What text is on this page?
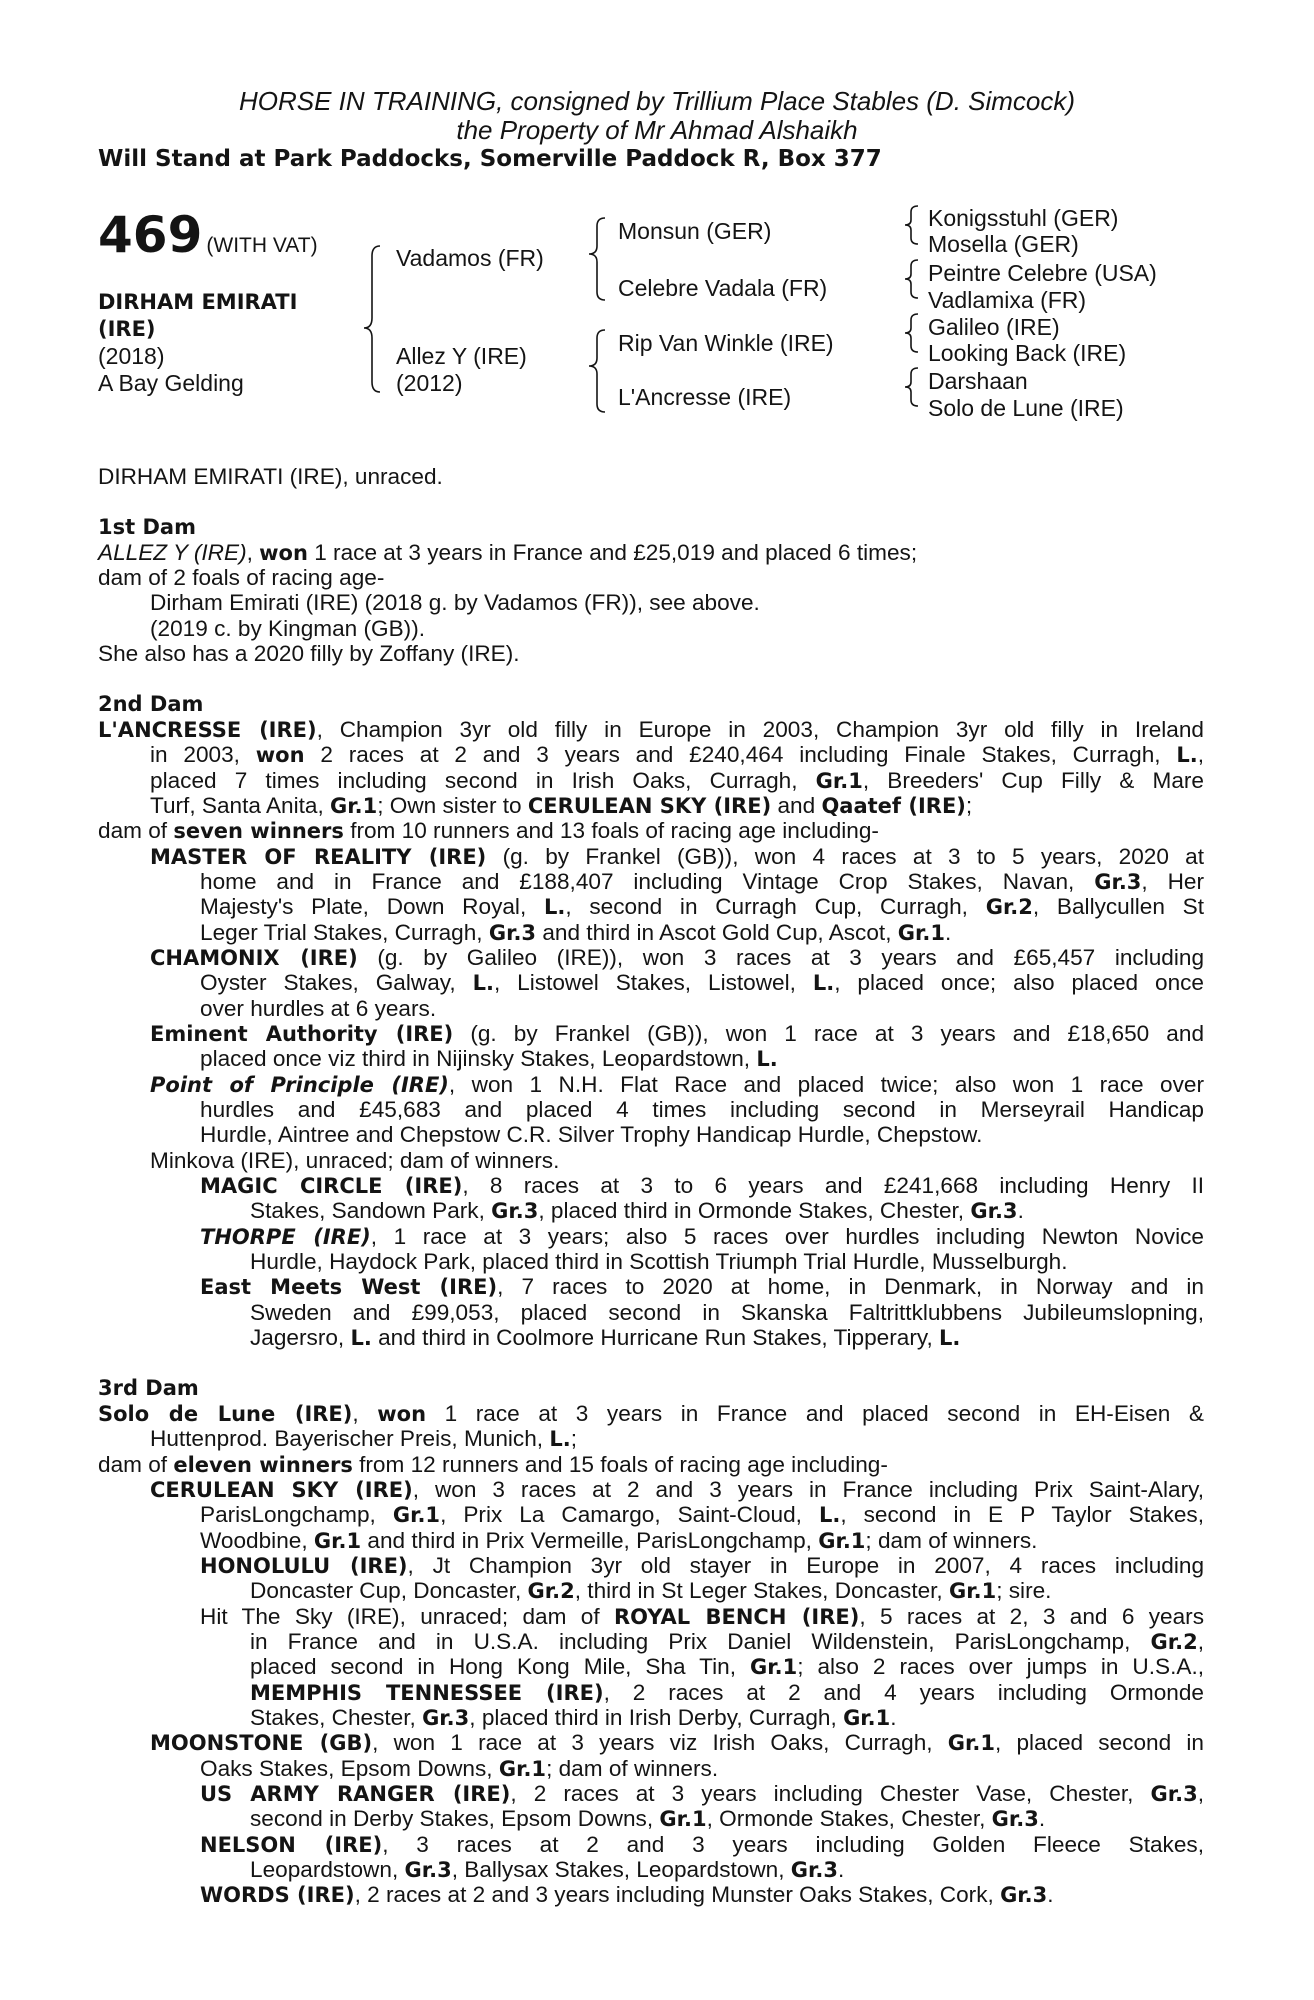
HORSE IN TRAINING, consigned by Trillium Place Stables (D. Simcock)
the Property of Mr Ahmad Alshaikh
Will Stand at Park Paddocks, Somerville Paddock R, Box 377
469 (WITH VAT)
DIRHAM EMIRATI
(IRE)
(2018)
A Bay Gelding
Vadamos (FR)
Allez Y (IRE)
(2012)
Monsun (GER)
Celebre Vadala (FR)
Rip Van Winkle (IRE)
L'Ancresse (IRE)
Konigsstuhl (GER)
Mosella (GER)
Peintre Celebre (USA)
Vadlamixa (FR)
Galileo (IRE)
Looking Back (IRE)
Darshaan
Solo de Lune (IRE)
DIRHAM EMIRATI (IRE), unraced.
1st Dam
ALLEZ Y (IRE), won 1 race at 3 years in France and £25,019 and placed 6 times;
dam of 2 foals of racing age-
Dirham Emirati (IRE) (2018 g. by Vadamos (FR)), see above.
(2019 c. by Kingman (GB)).
She also has a 2020 filly by Zoffany (IRE).
2nd Dam
L'ANCRESSE (IRE), Champion 3yr old filly in Europe in 2003, Champion 3yr old filly in Ireland
in 2003, won 2 races at 2 and 3 years and £240,464 including Finale Stakes, Curragh, L.,
placed 7 times including second in Irish Oaks, Curragh, Gr.1, Breeders' Cup Filly & Mare
Turf, Santa Anita, Gr.1; Own sister to CERULEAN SKY (IRE) and Qaatef (IRE);
dam of seven winners from 10 runners and 13 foals of racing age including-
MASTER OF REALITY (IRE) (g. by Frankel (GB)), won 4 races at 3 to 5 years, 2020 at
home and in France and £188,407 including Vintage Crop Stakes, Navan, Gr.3, Her
Majesty's Plate, Down Royal, L., second in Curragh Cup, Curragh, Gr.2, Ballycullen St
Leger Trial Stakes, Curragh, Gr.3 and third in Ascot Gold Cup, Ascot, Gr.1.
CHAMONIX (IRE) (g. by Galileo (IRE)), won 3 races at 3 years and £65,457 including
Oyster Stakes, Galway, L., Listowel Stakes, Listowel, L., placed once; also placed once
over hurdles at 6 years.
Eminent Authority (IRE) (g. by Frankel (GB)), won 1 race at 3 years and £18,650 and
placed once viz third in Nijinsky Stakes, Leopardstown, L.
Point of Principle (IRE), won 1 N.H. Flat Race and placed twice; also won 1 race over
hurdles and £45,683 and placed 4 times including second in Merseyrail Handicap
Hurdle, Aintree and Chepstow C.R. Silver Trophy Handicap Hurdle, Chepstow.
Minkova (IRE), unraced; dam of winners.
MAGIC CIRCLE (IRE), 8 races at 3 to 6 years and £241,668 including Henry II
Stakes, Sandown Park, Gr.3, placed third in Ormonde Stakes, Chester, Gr.3.
THORPE (IRE), 1 race at 3 years; also 5 races over hurdles including Newton Novice
Hurdle, Haydock Park, placed third in Scottish Triumph Trial Hurdle, Musselburgh.
East Meets West (IRE), 7 races to 2020 at home, in Denmark, in Norway and in
Sweden and £99,053, placed second in Skanska Faltrittklubbens Jubileumslopning,
Jagersro, L. and third in Coolmore Hurricane Run Stakes, Tipperary, L.
3rd Dam
Solo de Lune (IRE), won 1 race at 3 years in France and placed second in EH-Eisen &
Huttenprod. Bayerischer Preis, Munich, L.;
dam of eleven winners from 12 runners and 15 foals of racing age including-
CERULEAN SKY (IRE), won 3 races at 2 and 3 years in France including Prix Saint-Alary,
ParisLongchamp, Gr.1, Prix La Camargo, Saint-Cloud, L., second in E P Taylor Stakes,
Woodbine, Gr.1 and third in Prix Vermeille, ParisLongchamp, Gr.1; dam of winners.
HONOLULU (IRE), Jt Champion 3yr old stayer in Europe in 2007, 4 races including
Doncaster Cup, Doncaster, Gr.2, third in St Leger Stakes, Doncaster, Gr.1; sire.
Hit The Sky (IRE), unraced; dam of ROYAL BENCH (IRE), 5 races at 2, 3 and 6 years
in France and in U.S.A. including Prix Daniel Wildenstein, ParisLongchamp, Gr.2,
placed second in Hong Kong Mile, Sha Tin, Gr.1; also 2 races over jumps in U.S.A.,
MEMPHIS TENNESSEE (IRE), 2 races at 2 and 4 years including Ormonde
Stakes, Chester, Gr.3, placed third in Irish Derby, Curragh, Gr.1.
MOONSTONE (GB), won 1 race at 3 years viz Irish Oaks, Curragh, Gr.1, placed second in
Oaks Stakes, Epsom Downs, Gr.1; dam of winners.
US ARMY RANGER (IRE), 2 races at 3 years including Chester Vase, Chester, Gr.3,
second in Derby Stakes, Epsom Downs, Gr.1, Ormonde Stakes, Chester, Gr.3.
NELSON (IRE), 3 races at 2 and 3 years including Golden Fleece Stakes,
Leopardstown, Gr.3, Ballysax Stakes, Leopardstown, Gr.3.
WORDS (IRE), 2 races at 2 and 3 years including Munster Oaks Stakes, Cork, Gr.3.
